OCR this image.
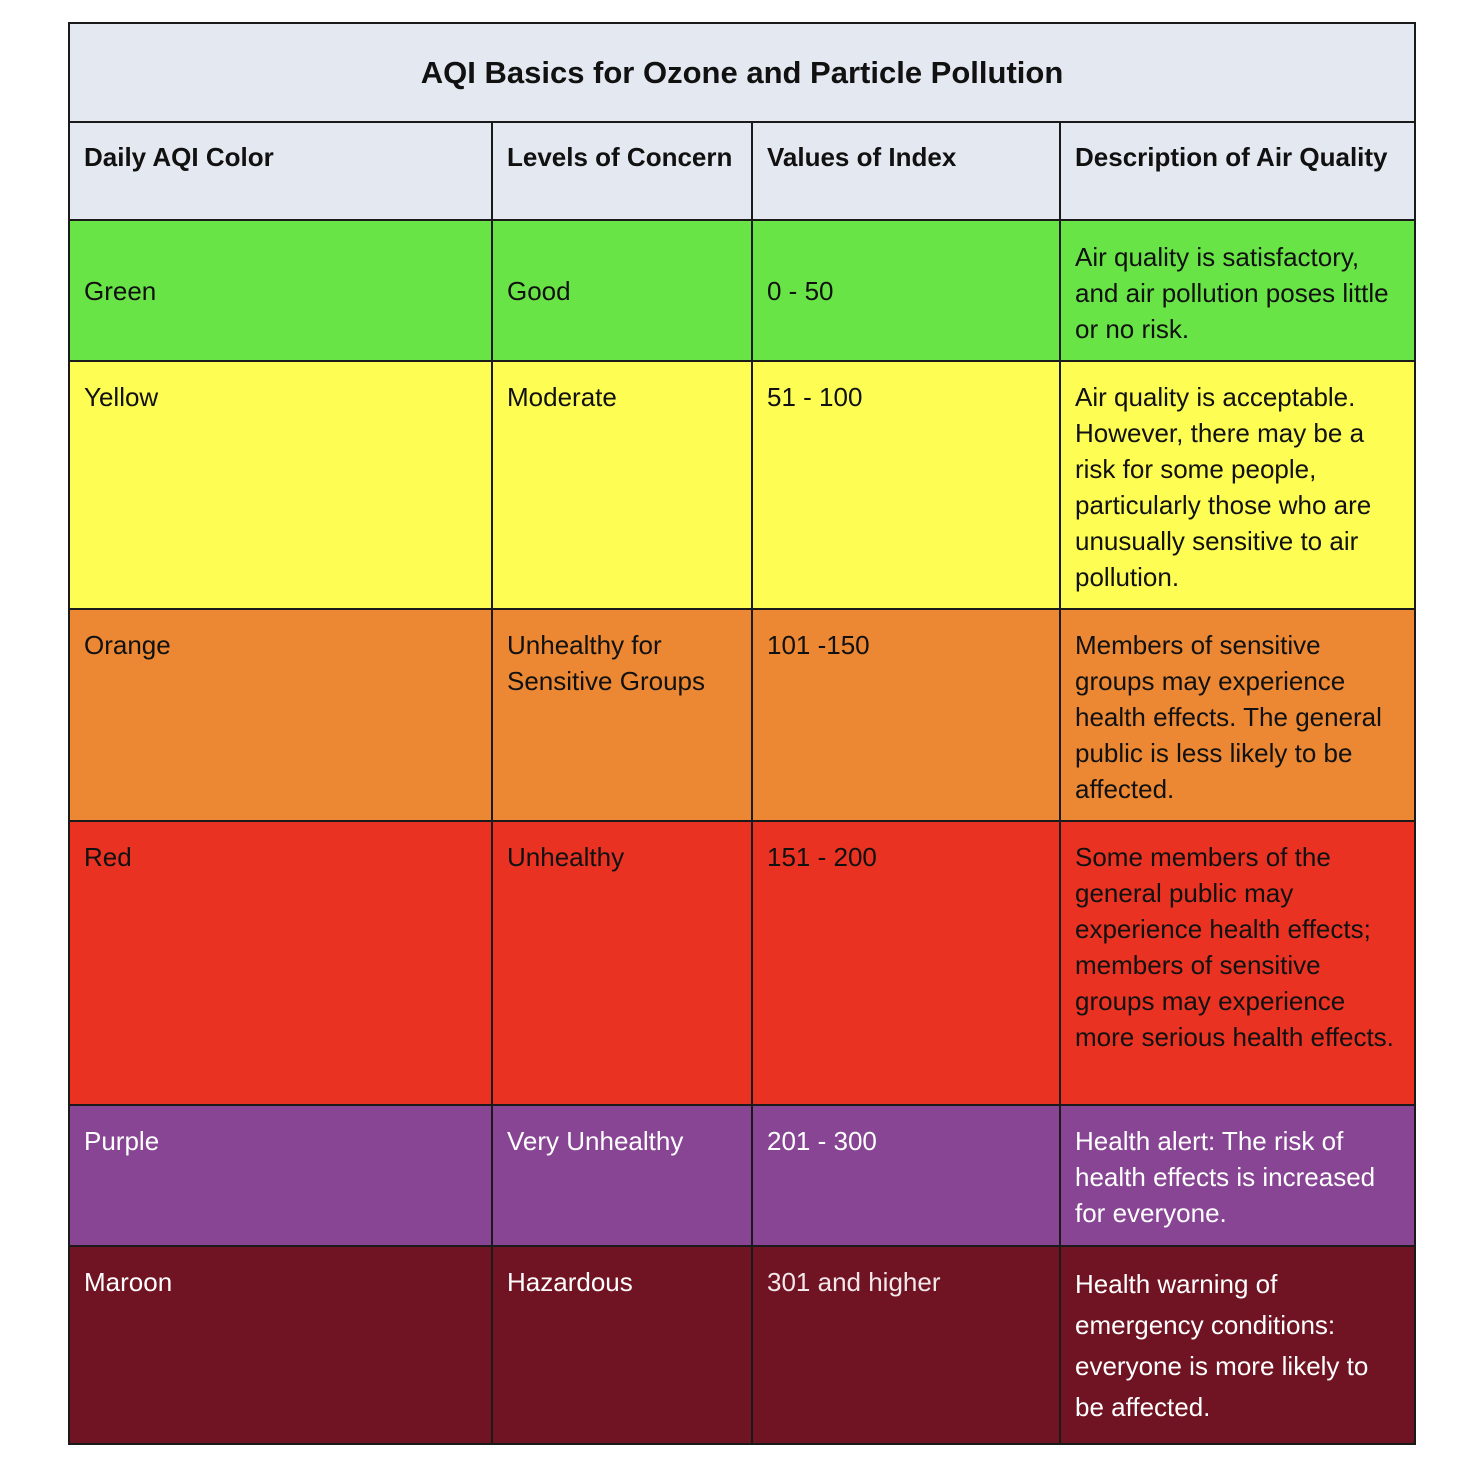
AQI Basics for Ozone and Particle Pollution			
Daily AQI Color	Levels of Concern	Values of Index	Description of Air Quality
Green	Good	0 - 50	Air quality is satisfactory, and air pollution poses little or no risk.
Yellow	Moderate	51 - 100	Air quality is acceptable. However, there may be a risk for some people, particularly those who are unusually sensitive to air pollution.
Orange	Unhealthy for Sensitive Groups	101 -150	Members of sensitive groups may experience health effects. The general public is less likely to be affected.
Red	Unhealthy	151 - 200	Some members of the general public may experience health effects; members of sensitive groups may experience more serious health effects.
Purple	Very Unhealthy	201 - 300	Health alert: The risk of health effects is increased for everyone.
Maroon	Hazardous	301 and higher	Health warning of emergency conditions: everyone is more likely to be affected.
